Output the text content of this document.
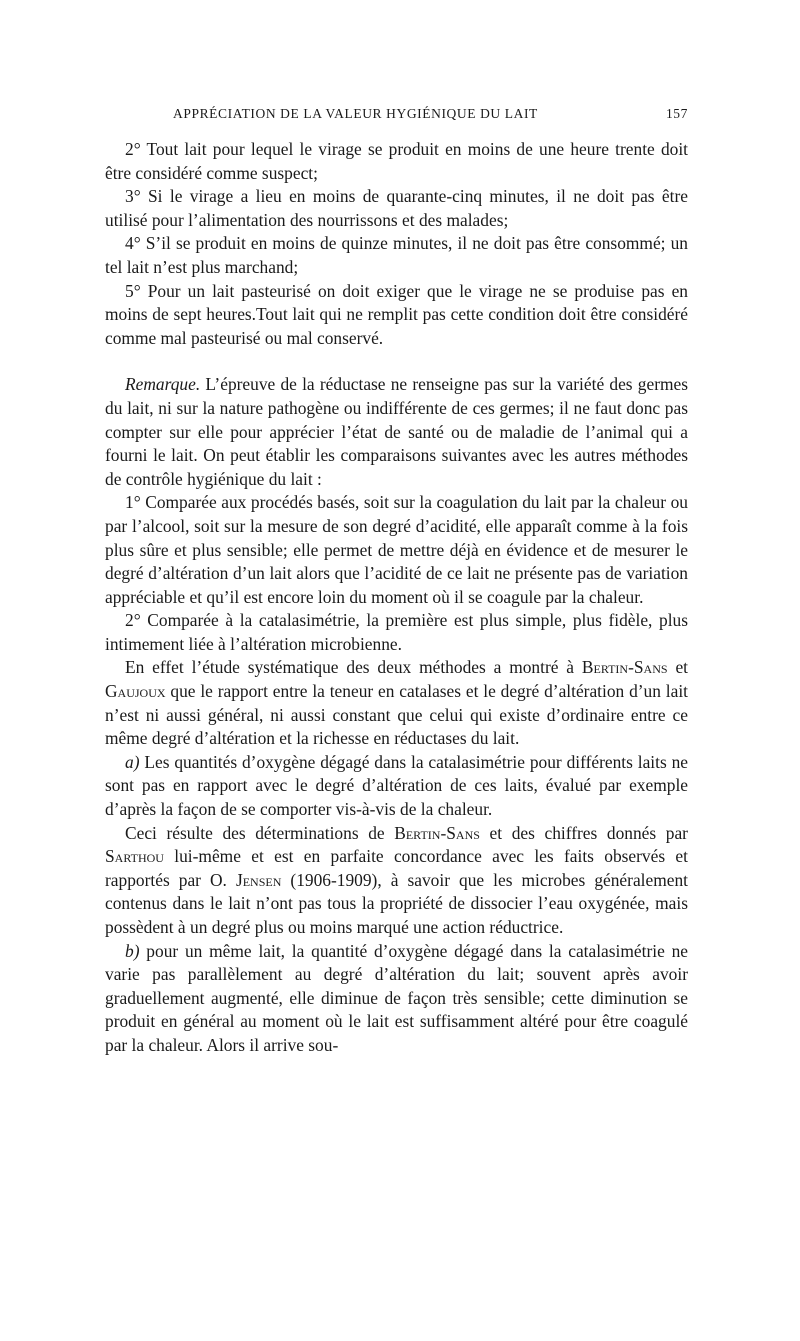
APPRÉCIATION DE LA VALEUR HYGIÉNIQUE DU LAIT	157

2° Tout lait pour lequel le virage se produit en moins de une heure trente doit être considéré comme suspect;

3° Si le virage a lieu en moins de quarante-cinq minutes, il ne doit pas être utilisé pour l’alimentation des nourrissons et des malades;

4° S’il se produit en moins de quinze minutes, il ne doit pas être consommé; un tel lait n’est plus marchand;

5° Pour un lait pasteurisé on doit exiger que le virage ne se produise pas en moins de sept heures.Tout lait qui ne remplit pas cette condition doit être considéré comme mal pasteurisé ou mal conservé.

Remarque. L’épreuve de la réductase ne renseigne pas sur la variété des germes du lait, ni sur la nature pathogène ou indifférente de ces germes; il ne faut donc pas compter sur elle pour apprécier l’état de santé ou de maladie de l’animal qui a fourni le lait. On peut établir les comparaisons suivantes avec les autres méthodes de contrôle hygiénique du lait :

1° Comparée aux procédés basés, soit sur la coagulation du lait par la chaleur ou par l’alcool, soit sur la mesure de son degré d’acidité, elle apparaît comme à la fois plus sûre et plus sensible; elle permet de mettre déjà en évidence et de mesurer le degré d’altération d’un lait alors que l’acidité de ce lait ne présente pas de variation appréciable et qu’il est encore loin du moment où il se coagule par la chaleur.

2° Comparée à la catalasimétrie, la première est plus simple, plus fidèle, plus intimement liée à l’altération microbienne.

En effet l’étude systématique des deux méthodes a montré à Bertin-Sans et Gaujoux que le rapport entre la teneur en catalases et le degré d’altération d’un lait n’est ni aussi général, ni aussi constant que celui qui existe d’ordinaire entre ce même degré d’altération et la richesse en réductases du lait.

a) Les quantités d’oxygène dégagé dans la catalasimétrie pour différents laits ne sont pas en rapport avec le degré d’altération de ces laits, évalué par exemple d’après la façon de se comporter vis-à-vis de la chaleur.

Ceci résulte des déterminations de Bertin-Sans et des chiffres donnés par Sarthou lui-même et est en parfaite concordance avec les faits observés et rapportés par O. Jensen (1906-1909), à savoir que les microbes généralement contenus dans le lait n’ont pas tous la propriété de dissocier l’eau oxygénée, mais possèdent à un degré plus ou moins marqué une action réductrice.

b) pour un même lait, la quantité d’oxygène dégagé dans la catalasimétrie ne varie pas parallèlement au degré d’altération du lait; souvent après avoir graduellement augmenté, elle diminue de façon très sensible; cette diminution se produit en général au moment où le lait est suffisamment altéré pour être coagulé par la chaleur. Alors il arrive sou-
